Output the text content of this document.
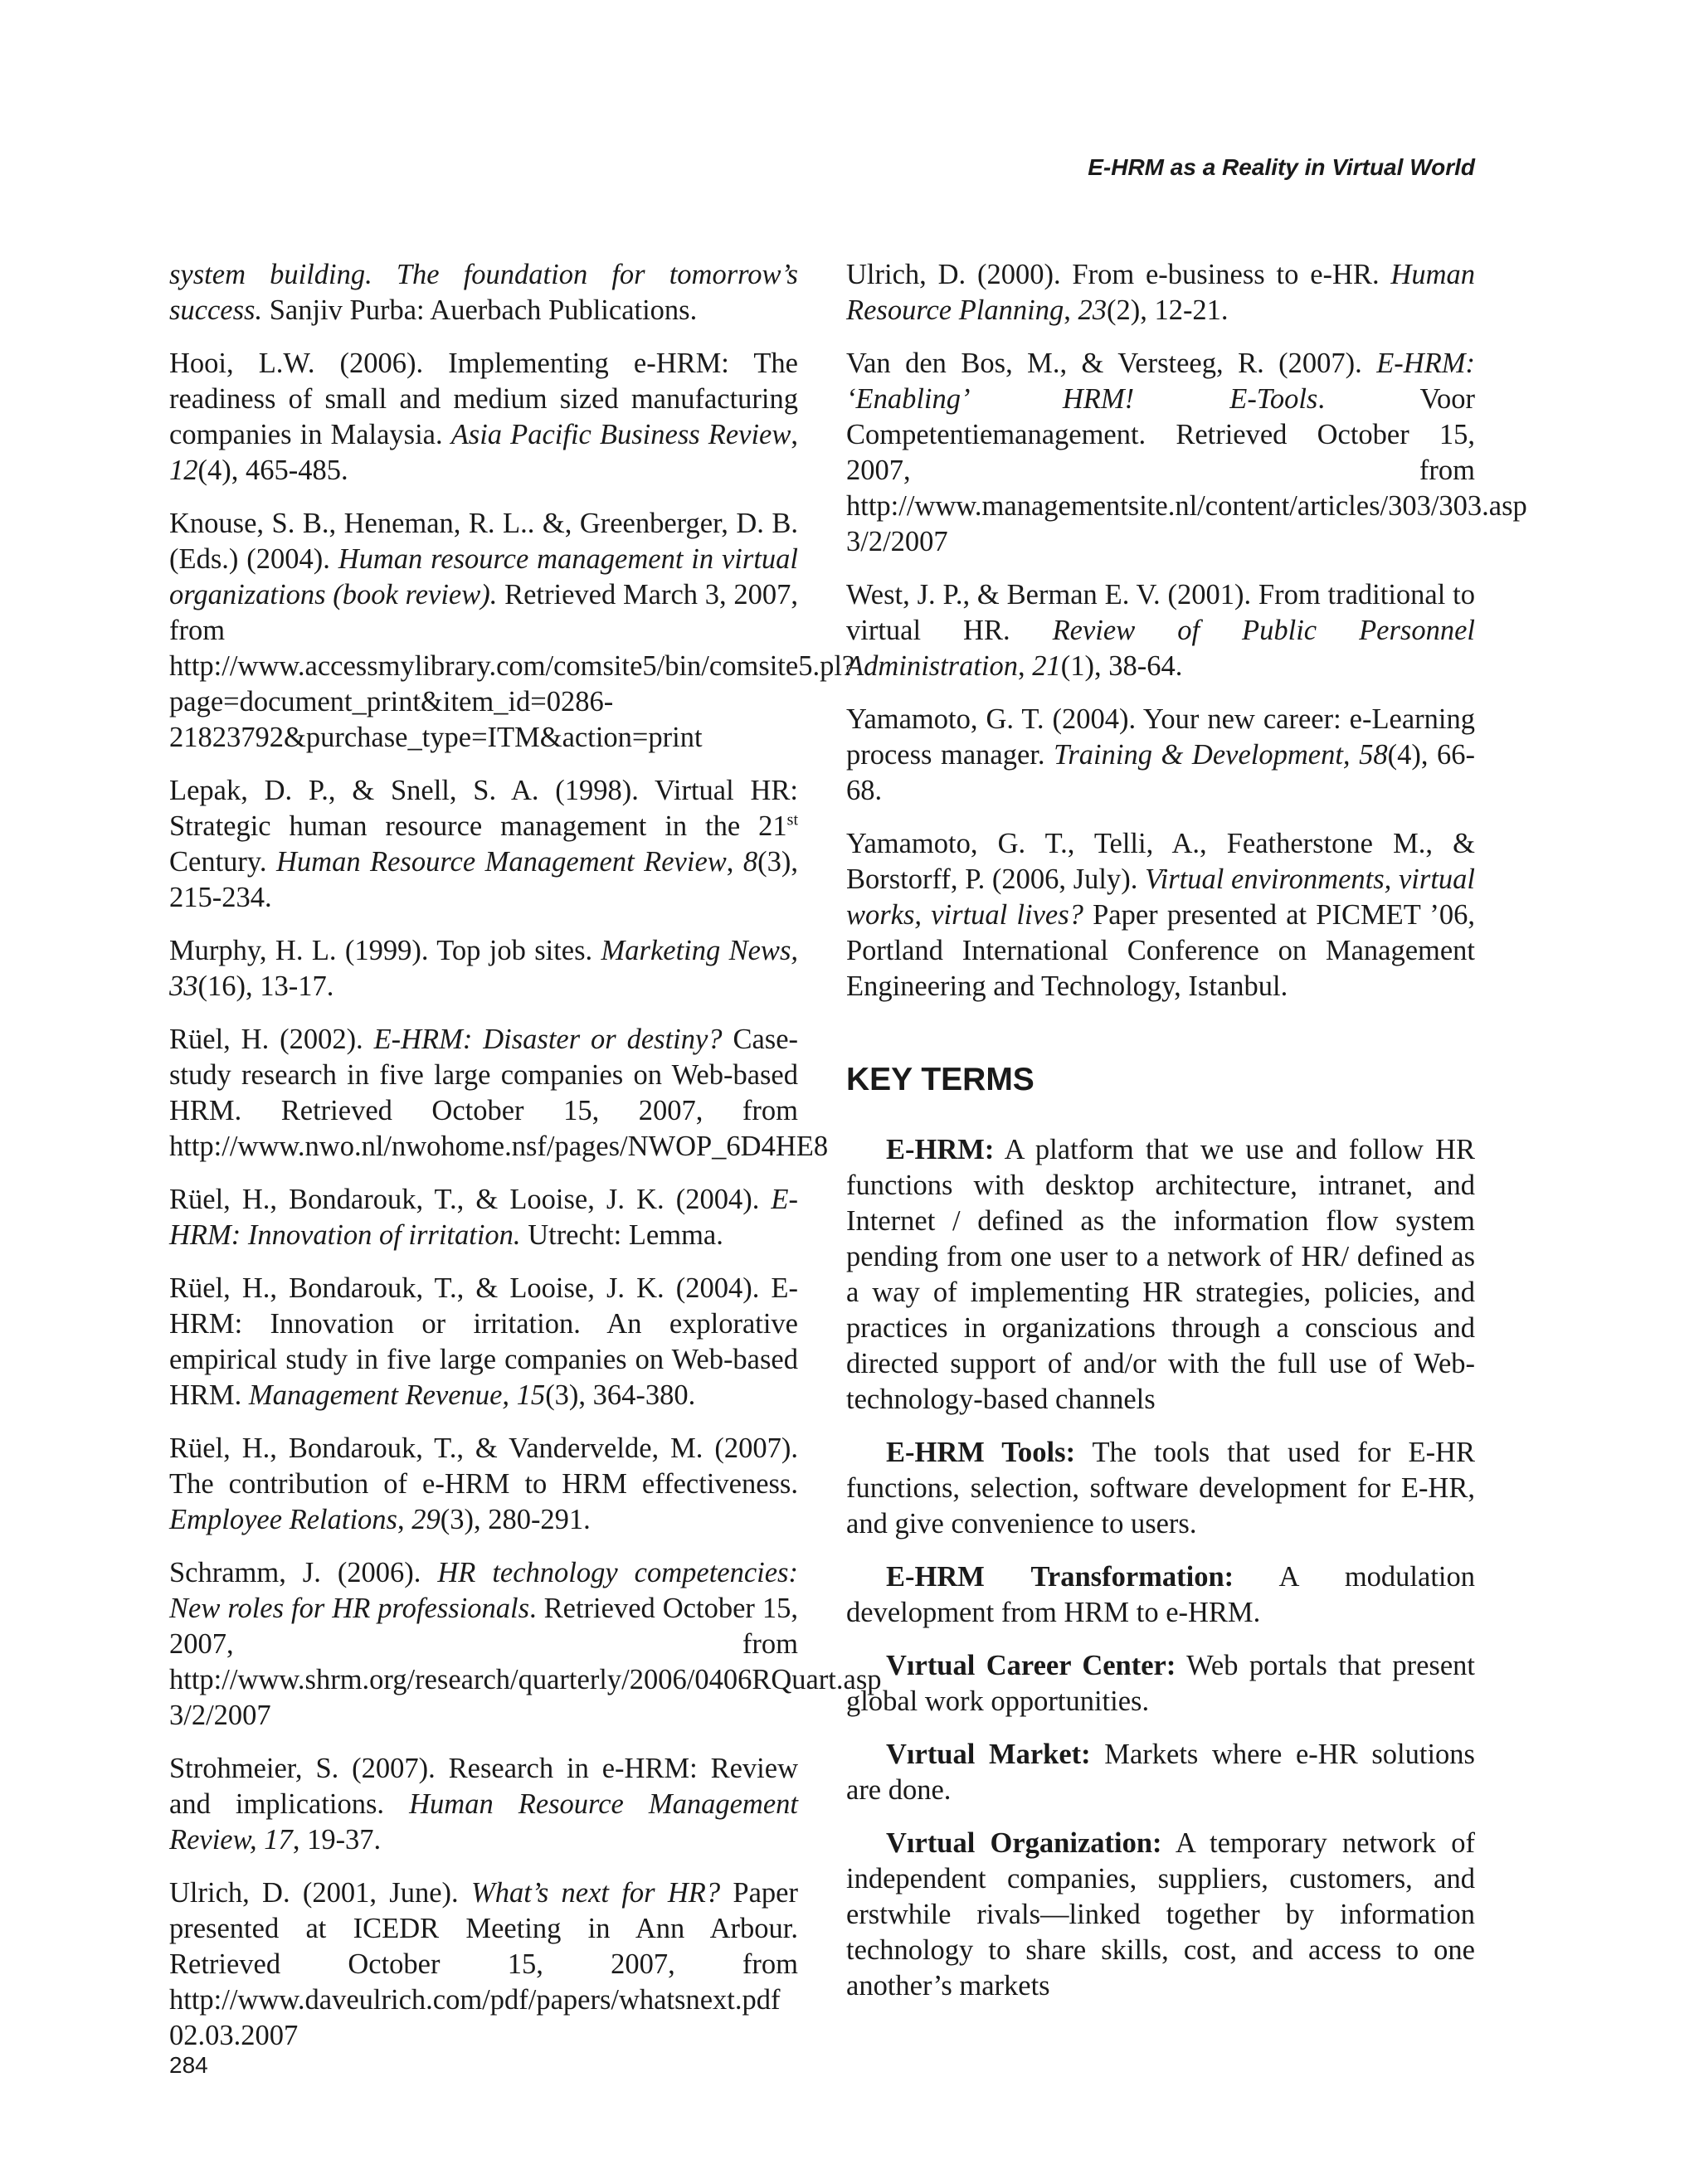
E-HRM as a Reality in Virtual World

system building. The foundation for tomorrow’s success. Sanjiv Purba: Auerbach Publications.

Hooi, L.W. (2006). Implementing e-HRM: The readiness of small and medium sized manufacturing companies in Malaysia. Asia Pacific Business Review, 12(4), 465-485.

Knouse, S. B., Heneman, R. L.. &, Greenberger, D. B. (Eds.) (2004). Human resource management in virtual organizations (book review). Retrieved March 3, 2007, from http://www.accessmylibrary.com/comsite5/bin/comsite5.pl?page=document_print&item_id=0286-21823792&purchase_type=ITM&action=print

Lepak, D. P., & Snell, S. A. (1998). Virtual HR: Strategic human resource management in the 21st Century. Human Resource Management Review, 8(3), 215-234.

Murphy, H. L. (1999). Top job sites. Marketing News, 33(16), 13-17.

Rüel, H. (2002). E-HRM: Disaster or destiny? Case-study research in five large companies on Web-based HRM. Retrieved October 15, 2007, from http://www.nwo.nl/nwohome.nsf/pages/NWOP_6D4HE8

Rüel, H., Bondarouk, T., & Looise, J. K. (2004). E-HRM: Innovation of irritation. Utrecht: Lemma.

Rüel, H., Bondarouk, T., & Looise, J. K. (2004). E-HRM: Innovation or irritation. An explorative empirical study in five large companies on Web-based HRM. Management Revenue, 15(3), 364-380.

Rüel, H., Bondarouk, T., & Vandervelde, M. (2007). The contribution of e-HRM to HRM effectiveness. Employee Relations, 29(3), 280-291.

Schramm, J. (2006). HR technology competencies: New roles for HR professionals. Retrieved October 15, 2007, from http://www.shrm.org/research/quarterly/2006/0406RQuart.asp 3/2/2007

Strohmeier, S. (2007). Research in e-HRM: Review and implications. Human Resource Management Review, 17, 19-37.

Ulrich, D. (2001, June). What’s next for HR? Paper presented at ICEDR Meeting in Ann Arbour. Retrieved October 15, 2007, from http://www.daveulrich.com/pdf/papers/whatsnext.pdf 02.03.2007

Ulrich, D. (2000). From e-business to e-HR. Human Resource Planning, 23(2), 12-21.

Van den Bos, M., & Versteeg, R. (2007). E-HRM: ‘Enabling’ HRM! E-Tools. Voor Competentiemanagement. Retrieved October 15, 2007, from http://www.managementsite.nl/content/articles/303/303.asp 3/2/2007

West, J. P., & Berman E. V. (2001). From traditional to virtual HR. Review of Public Personnel Administration, 21(1), 38-64.

Yamamoto, G. T. (2004). Your new career: e-Learning process manager. Training & Development, 58(4), 66-68.

Yamamoto, G. T., Telli, A., Featherstone M., & Borstorff, P. (2006, July). Virtual environments, virtual works, virtual lives? Paper presented at PICMET ’06, Portland International Conference on Management Engineering and Technology, Istanbul.

KEY TERMS

E-HRM: A platform that we use and follow HR functions with desktop architecture, intranet, and Internet / defined as the information flow system pending from one user to a network of HR/ defined as a way of implementing HR strategies, policies, and practices in organizations through a conscious and directed support of and/or with the full use of Web-technology-based channels

E-HRM Tools: The tools that used for E-HR functions, selection, software development for E-HR, and give convenience to users.

E-HRM Transformation: A modulation development from HRM to e-HRM.

Vırtual Career Center: Web portals that present global work opportunities.

Vırtual Market: Markets where e-HR solutions are done.

Vırtual Organization: A temporary network of independent companies, suppliers, customers, and erstwhile rivals—linked together by information technology to share skills, cost, and access to one another’s markets

284
